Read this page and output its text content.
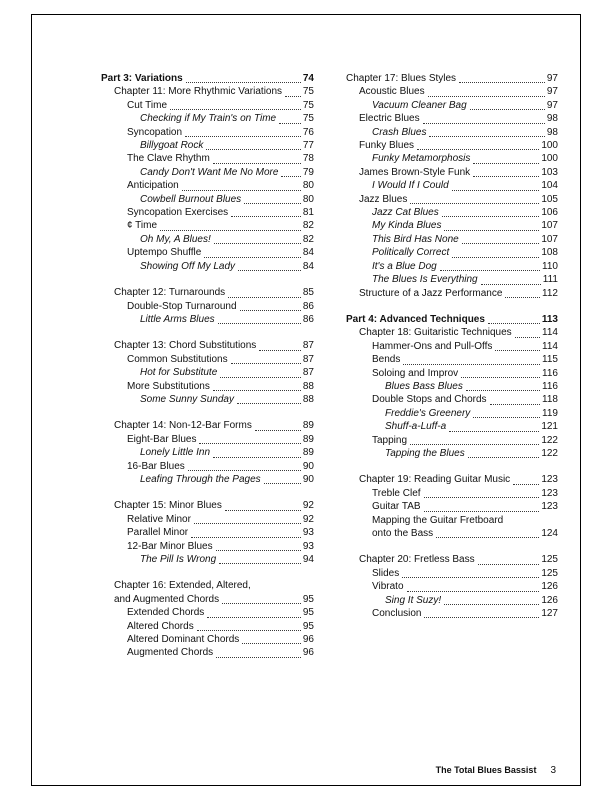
Part 3: Variations	74
Chapter 11: More Rhythmic Variations 75
Cut Time	75
Checking if My Train's on Time	75
Syncopation	76
Billygoat Rock	77
The Clave Rhythm	78
Candy Don't Want Me No More 79
Anticipation	80
Cowbell Burnout Blues	80
Syncopation Exercises	81
¢ Time	82
Oh My, A Blues!	82
Uptempo Shuffle	84
Showing Off My Lady	84
Chapter 12: Turnarounds	85
Double-Stop Turnaround	86
Little Arms Blues	86
Chapter 13: Chord Substitutions	87
Common Substitutions	87
Hot for Substitute	87
More Substitutions	88
Some Sunny Sunday	88
Chapter 14: Non-12-Bar Forms	89
Eight-Bar Blues	89
Lonely Little Inn	89
16-Bar Blues	90
Leafing Through the Pages	90
Chapter 15: Minor Blues	92
Relative Minor	92
Parallel Minor	93
12-Bar Minor Blues	93
The Pill Is Wrong	94
Chapter 16: Extended, Altered,
and Augmented Chords	95
Extended Chords	95
Altered Chords	95
Altered Dominant Chords	96
Augmented Chords	96
Chapter 17: Blues Styles	97
Acoustic Blues	97
Vacuum Cleaner Bag	97
Electric Blues	98
Crash Blues	98
Funky Blues	100
Funky Metamorphosis	100
James Brown-Style Funk	103
I Would If I Could	104
Jazz Blues	105
Jazz Cat Blues	106
My Kinda Blues	107
This Bird Has None	107
Politically Correct	108
It's a Blue Dog	110
The Blues Is Everything	111
Structure of a Jazz Performance	112
Part 4: Advanced Techniques	113
Chapter 18: Guitaristic Techniques	114
Hammer-Ons and Pull-Offs	114
Bends	115
Soloing and Improv	116
Blues Bass Blues	116
Double Stops and Chords	118
Freddie's Greenery	119
Shuff-a-Luff-a	121
Tapping	122
Tapping the Blues	122
Chapter 19: Reading Guitar Music	123
Treble Clef	123
Guitar TAB	123
Mapping the Guitar Fretboard
onto the Bass	124
Chapter 20: Fretless Bass	125
Slides	125
Vibrato	126
Sing It Suzy!	126
Conclusion	127
The Total Blues Bassist 3
